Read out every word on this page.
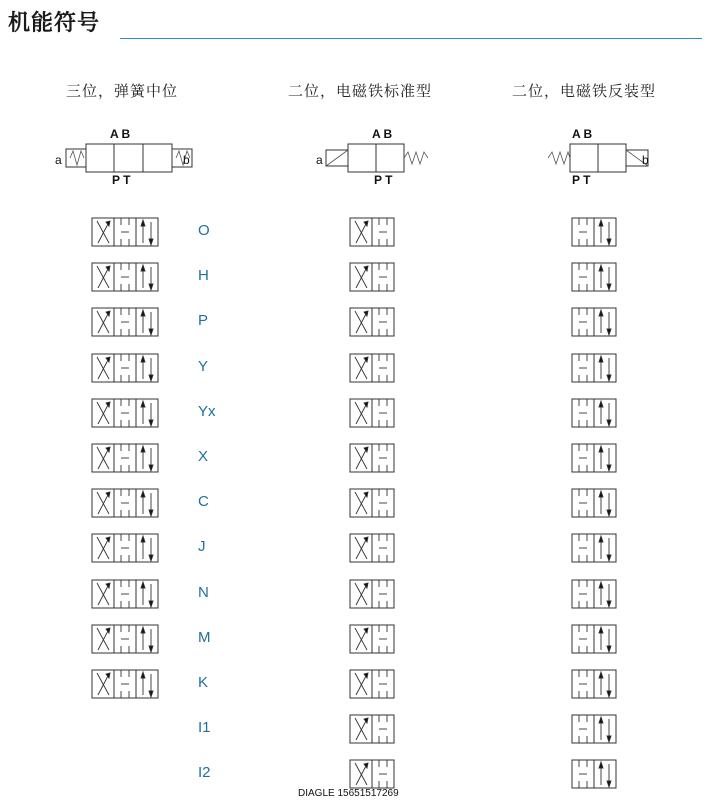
机能符号
三位，弹簧中位	二位，电磁铁标准型	二位，电磁铁反装型
A B
a	b
P T
A B
a
P T
A B
b
P T
O
H
P
Y
Yx
X
C
J
N
M
K
I1
I2
DIAGLE 15651517269
